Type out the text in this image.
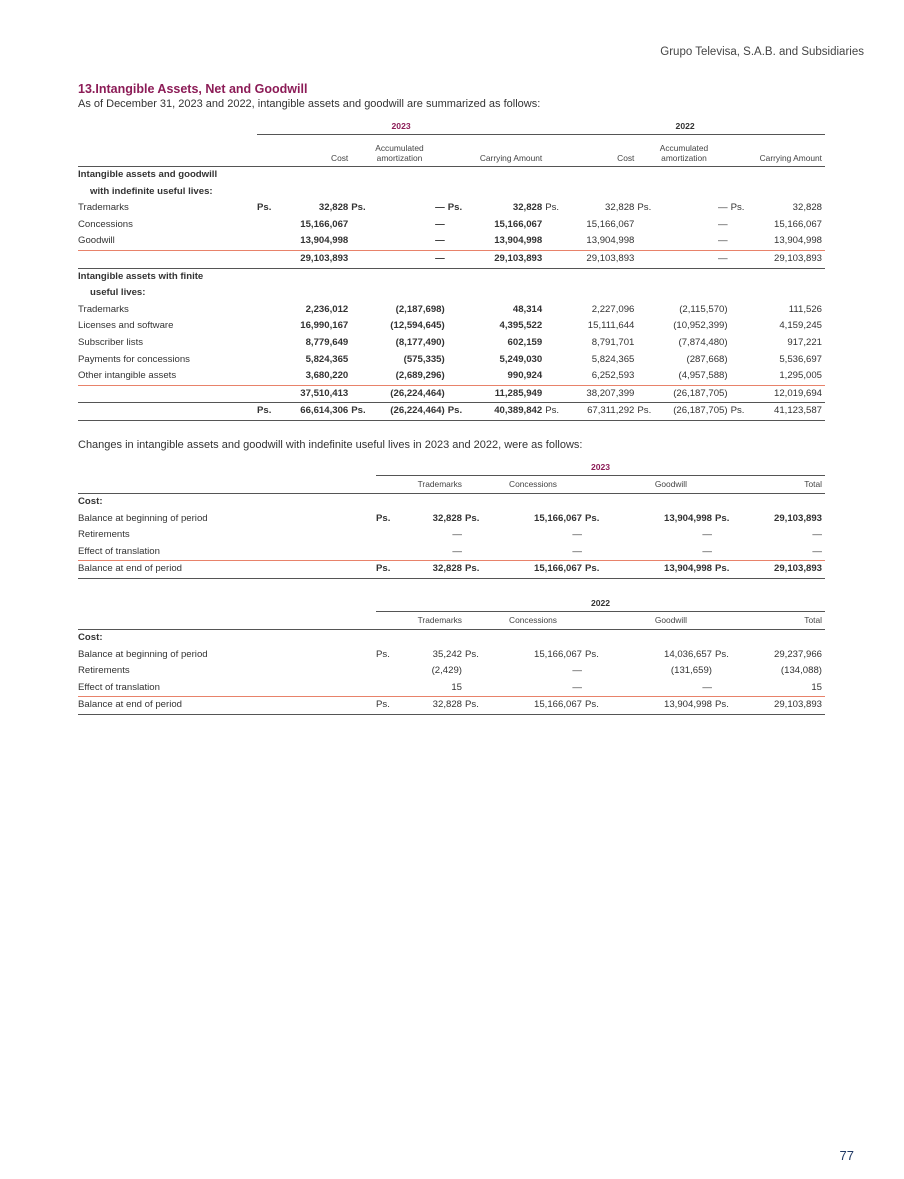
Grupo Televisa, S.A.B. and Subsidiaries
13.Intangible Assets, Net and Goodwill
As of December 31, 2023 and 2022, intangible assets and goodwill are summarized as follows:
	2023						2022					
	Cost		Accumulated
amortization		Carrying Amount		Cost		Accumulated
amortization		Carrying Amount	
Intangible assets and goodwill												
with indefinite useful lives:												
Trademarks	Ps.	32,828	Ps.	—	Ps.	32,828	Ps.	32,828	Ps.	—	Ps.	32,828
Concessions		15,166,067		—		15,166,067		15,166,067		—		15,166,067
Goodwill		13,904,998		—		13,904,998		13,904,998		—		13,904,998
		29,103,893		—		29,103,893		29,103,893		—		29,103,893
Intangible assets with finite												
useful lives:												
Trademarks		2,236,012		(2,187,698)		48,314		2,227,096		(2,115,570)		111,526
Licenses and software		16,990,167		(12,594,645)		4,395,522		15,111,644		(10,952,399)		4,159,245
Subscriber lists		8,779,649		(8,177,490)		602,159		8,791,701		(7,874,480)		917,221
Payments for concessions		5,824,365		(575,335)		5,249,030		5,824,365		(287,668)		5,536,697
Other intangible assets		3,680,220		(2,689,296)		990,924		6,252,593		(4,957,588)		1,295,005
		37,510,413		(26,224,464)		11,285,949		38,207,399		(26,187,705)		12,019,694
	Ps.	66,614,306	Ps.	(26,224,464)	Ps.	40,389,842	Ps.	67,311,292	Ps.	(26,187,705)	Ps.	41,123,587
Changes in intangible assets and goodwill with indefinite useful lives in 2023 and 2022, were as follows:
	2023							
	Trademarks		Concessions		Goodwill		Total	
Cost:								
Balance at beginning of period	Ps.	32,828	Ps.	15,166,067	Ps.	13,904,998	Ps.	29,103,893
Retirements		—		—		—		—
Effect of translation		—		—		—		—
Balance at end of period	Ps.	32,828	Ps.	15,166,067	Ps.	13,904,998	Ps.	29,103,893
	2022							
	Trademarks		Concessions		Goodwill		Total	
Cost:								
Balance at beginning of period	Ps.	35,242	Ps.	15,166,067	Ps.	14,036,657	Ps.	29,237,966
Retirements		(2,429)		—		(131,659)		(134,088)
Effect of translation		15		—		—		15
Balance at end of period	Ps.	32,828	Ps.	15,166,067	Ps.	13,904,998	Ps.	29,103,893
77
